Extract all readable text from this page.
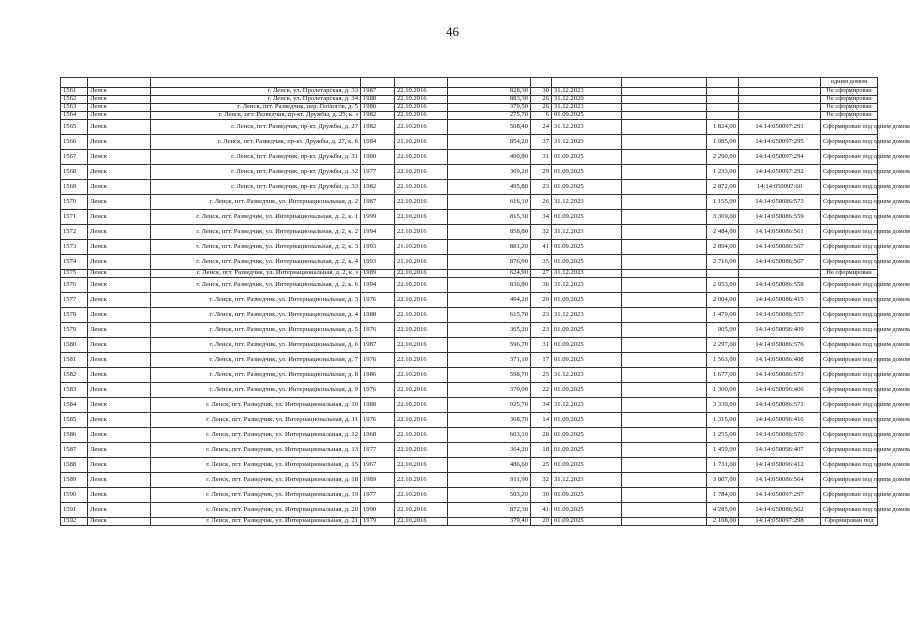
46
											одним домом
1561	Ленск	г. Ленск, ул. Пролетарская, д. 33	1987	22.10.2016	828,30	30	31.12.2023				Не сформирован
1562	Ленск	г. Ленск, ул. Пролетарская, д. 34	1988	22.10.2016	883,30	26	31.12.2020				Не сформирован
1563	Ленск	г. Ленск, пгт. Разведчик, пер. Геологов, д. 5	1980	22.10.2016	379,50	26	31.12.2023				Не сформирован
1564	Ленск	г. Ленск, пгт. Разведчик, пр-кт. Дружбы, д. 25, к. з	1982	22.10.2016	275,70	6	01.09.2025				Не сформирован
1565	Ленск	г. Ленск, пгт. Разведчик, пр-кт. Дружбы, д. 27	1982	22.10.2016	508,40	24	31.12.2023		1 824,00	14:14:050097:291	Сформирован под одним домом
1566	Ленск	г. Ленск, пгт. Разведчик, пр-кт. Дружбы, д. 27, к. б	1984	21.10.2016	854,20	37	31.12.2023		1 985,00	14:14:050097:295	Сформирован под одним домом
1567	Ленск	г. Ленск, пгт. Разведчик, пр-кт. Дружбы, д. 31	1980	22.10.2016	490,80	31	01.09.2025		2 290,00	14:14:050097:294	Сформирован под одним домом
1568	Ленск	г. Ленск, пгт. Разведчик, пр-кт. Дружбы, д. 32	1977	22.10.2016	369,20	29	01.09.2025		1 233,00	14:14:050097:292	Сформирован под одним домом
1569	Ленск	г. Ленск, пгт. Разведчик, пр-кт. Дружбы, д. 33	1982	22.10.2016	495,80	23	01.09.2025		2 872,00	14:14:050097:60	Сформирован под одним домом
1570	Ленск	г. Ленск, пгт. Разведчик, ул. Интернациональная, д. 2	1987	22.10.2016	616,10	26	31.12.2023		1 155,00	14:14:050086:573	Сформирован под одним домом
1571	Ленск	г. Ленск, пгт. Разведчик, ул. Интернациональная, д. 2, к. 1	1999	22.10.2016	815,30	34	01.09.2025		3 369,00	14:14:050086:559	Сформирован под одним домом
1572	Ленск	г. Ленск, пгт. Разведчик, ул. Интернациональная, д. 2, к. 2	1994	22.10.2016	858,80	32	31.12.2023		2 484,00	14:14:050086:561	Сформирован под одним домом
1573	Ленск	г. Ленск, пгт. Разведчик, ул. Интернациональная, д. 2, к. 3	1993	21.10.2016	881,20	41	01.09.2025		2 894,00	14:14:050086:567	Сформирован под одним домом
1574	Ленск	г. Ленск, пгт. Разведчик, ул. Интернациональная, д. 2, к. 4	1993	21.10.2016	876,90	35	01.09.2025		2 716,00	14:14:050086:567	Сформирован под одним домом
1575	Ленск	г. Ленск, пгт. Разведчик, ул. Интернациональная, д. 2, к. з	1989	22.10.2016	624,90	27	31.12.2023				Не сформирован
1576	Ленск	г. Ленск, пгт. Разведчик, ул. Интернациональная, д. 2, к. 6	1994	22.10.2016	836,80	36	31.12.2023		2 953,00	14:14:050086:558	Сформирован под одним домом
1577	Ленск	г. Ленск, пгт. Разведчик, ул. Интернациональная, д. 3	1976	22.10.2016	494,20	20	01.09.2025		2 004,00	14:14:050086:415	Сформирован под одним домом
1578	Ленск	г. Ленск, пгт. Разведчик, ул. Интернациональная, д. 4	1988	22.10.2016	615,70	23	31.12.2023		1 479,00	14:14:050086:557	Сформирован под одним домом
1579	Ленск	г. Ленск, пгт. Разведчик, ул. Интернациональная, д. 5	1976	22.10.2016	365,20	23	01.09.2025		905,00	14:14:050096:409	Сформирован под одним домом
1580	Ленск	г. Ленск, пгт. Разведчик, ул. Интернациональная, д. 6	1987	22.10.2016	596,70	31	01.09.2025		2 297,00	14:14:050086:576	Сформирован под одним домом
1581	Ленск	г. Ленск, пгт. Разведчик, ул. Интернациональная, д. 7	1976	22.10.2016	371,10	17	01.09.2025		1 563,00	14:14:050086:408	Сформирован под одним домом
1582	Ленск	г. Ленск, пгт. Разведчик, ул. Интернациональная, д. 8	1986	22.10.2016	598,70	25	31.12.2023		1 677,00	14:14:050086:573	Сформирован под одним домом
1583	Ленск	г. Ленск, пгт. Разведчик, ул. Интернациональная, д. 9	1976	22.10.2016	370,00	22	01.09.2025		1 300,00	14:14:050096:406	Сформирован под одним домом
1584	Ленск	г. Ленск, пгт. Разведчик, ул. Интернациональная, д. 10	1988	22.10.2016	925,70	34	31.12.2023		3 339,00	14:14:050086:571	Сформирован под одним домом
1585	Ленск	г. Ленск, пгт. Разведчик, ул. Интернациональная, д. 11	1976	22.10.2016	368,70	14	01.09.2025		1 315,00	14:14:050096:416	Сформирован под одним домом
1586	Ленск	г. Ленск, пгт. Разведчик, ул. Интернациональная, д. 12	1968	22.10.2016	603,10	28	01.09.2025		1 255,00	14:14:050086:570	Сформирован под одним домом
1587	Ленск	г. Ленск, пгт. Разведчик, ул. Интернациональная, д. 13	1977	22.10.2016	364,20	18	01.09.2025		1 459,00	14:14:050096:407	Сформирован под одним домом
1588	Ленск	г. Ленск, пгт. Разведчик, ул. Интернациональная, д. 15	1967	22.10.2016	486,60	25	01.09.2025		1 731,00	14:14:050096:412	Сформирован под одним домом
1589	Ленск	г. Ленск, пгт. Разведчик, ул. Интернациональная, д. 18	1989	22.10.2016	911,90	32	31.12.2023		3 807,00	14:14:050086:564	Сформирован под одним домом
1590	Ленск	г. Ленск, пгт. Разведчик, ул. Интернациональная, д. 19	1977	22.10.2016	503,20	30	01.09.2025		1 784,00	14:14:050097:297	Сформирован под одним домом
1591	Ленск	г. Ленск, пгт. Разведчик, ул. Интернациональная, д. 20	1990	22.10.2016	872,30	41	01.09.2025		4 285,00	14:14:050086:562	Сформирован под одним домом
1592	Ленск	г. Ленск, пгт. Разведчик, ул. Интернациональная, д. 21	1979	22.10.2016	379,40	20	01.09.2025		2 108,00	14:14:050097:298	Сформирован под
